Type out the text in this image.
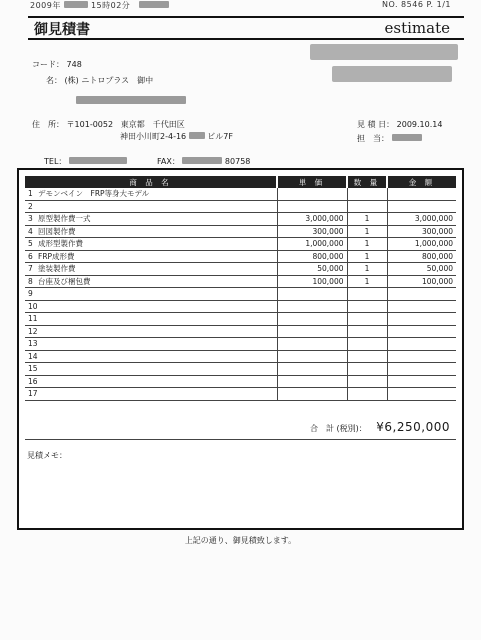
2009年	15時02分	NO. 8546 P. 1/1
御見積書	estimate
コード： 748
名： (株) ニトロプラス　御中
住　所： 〒101-0052 東京都　千代田区
神田小川町2-4-16	ビル7F
見 積 日： 2009.10.14
担　当：
TEL：	FAX：	80758
商 品 名	単 価	数 量	金 額
1 デモンベイン　FRP等身大モデル			
2			
3 原型製作費一式	3,000,000	1	3,000,000
4 回図製作費	300,000	1	300,000
5 成形型製作費	1,000,000	1	1,000,000
6 FRP成形費	800,000	1	800,000
7 塗装製作費	50,000	1	50,000
8 台座及び梱包費	100,000	1	100,000
9			
10			
11			
12			
13			
14			
15			
16			
17			
合　計 (税別)： ¥6,250,000
見積メモ：
上記の通り、御見積致します。
